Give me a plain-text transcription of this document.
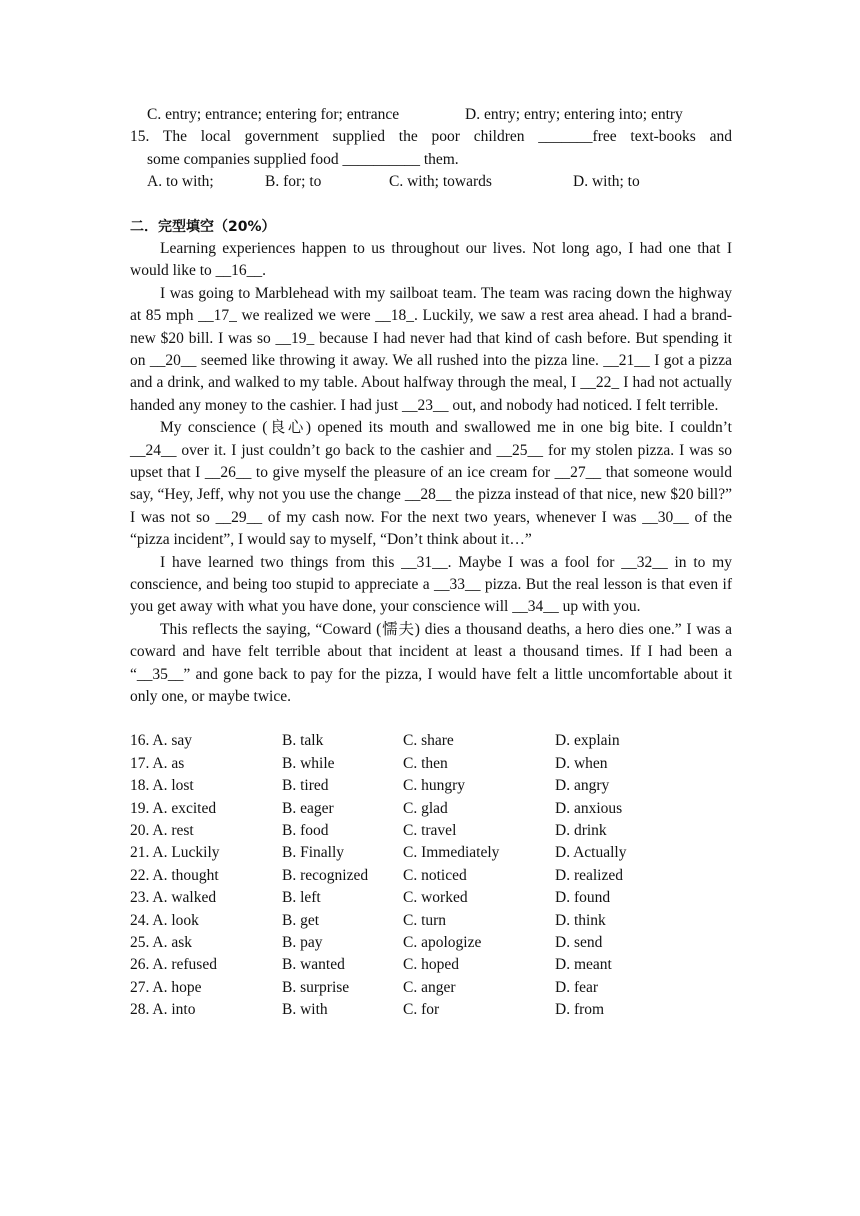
C. entry; entrance; entering for; entrance	D. entry; entry; entering into; entry
15. The local government supplied the poor children _______free text-books and
some companies supplied food __________ them.
A. to with;	B. for; to	C. with; towards	D. with; to
二．完型填空（20%）

Learning experiences happen to us throughout our lives. Not long ago, I had one that I would like to __16__.

I was going to Marblehead with my sailboat team. The team was racing down the highway at 85 mph __17_ we realized we were __18_. Luckily, we saw a rest area ahead. I had a brand-new $20 bill. I was so __19_ because I had never had that kind of cash before. But spending it on __20__ seemed like throwing it away. We all rushed into the pizza line. __21__ I got a pizza and a drink, and walked to my table. About halfway through the meal, I __22_ I had not actually handed any money to the cashier. I had just __23__ out, and nobody had noticed. I felt terrible.

My conscience (良心) opened its mouth and swallowed me in one big bite. I couldn’t __24__ over it. I just couldn’t go back to the cashier and __25__ for my stolen pizza. I was so upset that I __26__ to give myself the pleasure of an ice cream for __27__ that someone would say, “Hey, Jeff, why not you use the change __28__ the pizza instead of that nice, new $20 bill?” I was not so __29__ of my cash now. For the next two years, whenever I was __30__ of the “pizza incident”, I would say to myself, “Don’t think about it…”

I have learned two things from this __31__. Maybe I was a fool for __32__ in to my conscience, and being too stupid to appreciate a __33__ pizza. But the real lesson is that even if you get away with what you have done, your conscience will __34__ up with you.

This reflects the saying, “Coward (懦夫) dies a thousand deaths, a hero dies one.” I was a coward and have felt terrible about that incident at least a thousand times. If I had been a “__35__” and gone back to pay for the pizza, I would have felt a little uncomfortable about it only one, or maybe twice.

16. A. say	B. talk	C. share	D. explain
17. A. as	B. while	C. then	D. when
18. A. lost	B. tired	C. hungry	D. angry
19. A. excited	B. eager	C. glad	D. anxious
20. A. rest	B. food	C. travel	D. drink
21. A. Luckily	B. Finally	C. Immediately	D. Actually
22. A. thought	B. recognized	C. noticed	D. realized
23. A. walked	B. left	C. worked	D. found
24. A. look	B. get	C. turn	D. think
25. A. ask	B. pay	C. apologize	D. send
26. A. refused	B. wanted	C. hoped	D. meant
27. A. hope	B. surprise	C. anger	D. fear
28. A. into	B. with	C. for	D. from
